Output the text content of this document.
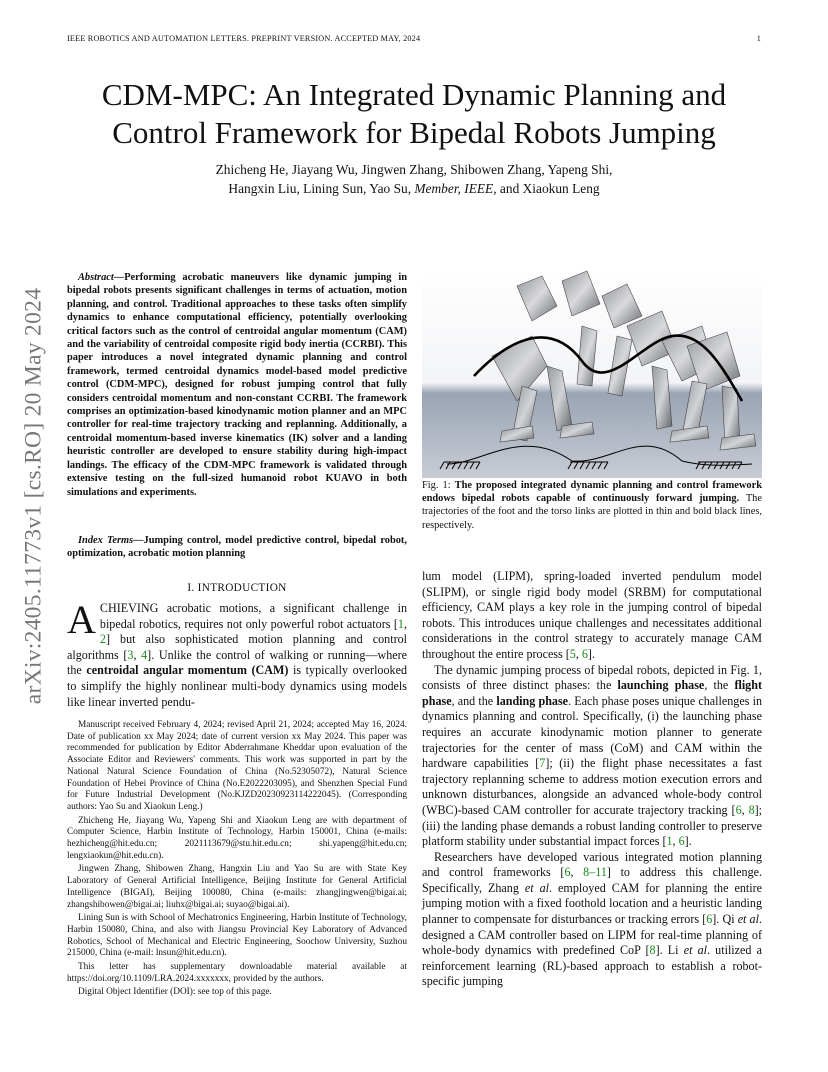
IEEE ROBOTICS AND AUTOMATION LETTERS. PREPRINT VERSION. ACCEPTED MAY, 2024	1
arXiv:2405.11773v1 [cs.RO] 20 May 2024
CDM-MPC: An Integrated Dynamic Planning and
Control Framework for Bipedal Robots Jumping
Zhicheng He, Jiayang Wu, Jingwen Zhang, Shibowen Zhang, Yapeng Shi,
Hangxin Liu, Lining Sun, Yao Su, Member, IEEE, and Xiaokun Leng
Abstract—Performing acrobatic maneuvers like dynamic jumping in bipedal robots presents significant challenges in terms of actuation, motion planning, and control. Traditional approaches to these tasks often simplify dynamics to enhance computational efficiency, potentially overlooking critical factors such as the control of centroidal angular momentum (CAM) and the variability of centroidal composite rigid body inertia (CCRBI). This paper introduces a novel integrated dynamic planning and control framework, termed centroidal dynamics model-based model predictive control (CDM-MPC), designed for robust jumping control that fully considers centroidal momentum and non-constant CCRBI. The framework comprises an optimization-based kinodynamic motion planner and an MPC controller for real-time trajectory tracking and replanning. Additionally, a centroidal momentum-based inverse kinematics (IK) solver and a landing heuristic controller are developed to ensure stability during high-impact landings. The efficacy of the CDM-MPC framework is validated through extensive testing on the full-sized humanoid robot KUAVO in both simulations and experiments.
Index Terms—Jumping control, model predictive control, bipedal robot, optimization, acrobatic motion planning
I. INTRODUCTION
ACHIEVING acrobatic motions, a significant challenge in bipedal robotics, requires not only powerful robot actuators [1, 2] but also sophisticated motion planning and control algorithms [3, 4]. Unlike the control of walking or running—where the centroidal angular momentum (CAM) is typically overlooked to simplify the highly nonlinear multi-body dynamics using models like linear inverted pendu-

Manuscript received February 4, 2024; revised April 21, 2024; accepted May 16, 2024. Date of publication xx May 2024; date of current version xx May 2024. This paper was recommended for publication by Editor Abderrahmane Kheddar upon evaluation of the Associate Editor and Reviewers' comments. This work was supported in part by the National Natural Science Foundation of China (No.52305072), Natural Science Foundation of Hebei Province of China (No.E2022203095), and Shenzhen Special Fund for Future Industrial Development (No.KJZD20230923114222045). (Corresponding authors: Yao Su and Xiaokun Leng.)

Zhicheng He, Jiayang Wu, Yapeng Shi and Xiaokun Leng are with department of Computer Science, Harbin Institute of Technology, Harbin 150001, China (e-mails: hezhicheng@hit.edu.cn; 2021113679@stu.hit.edu.cn; shi.yapeng@hit.edu.cn; lengxiaokun@hit.edu.cn).

Jingwen Zhang, Shibowen Zhang, Hangxin Liu and Yao Su are with State Key Laboratory of General Artificial Intelligence, Beijing Institute for General Artificial Intelligence (BIGAI), Beijing 100080, China (e-mails: zhangjingwen@bigai.ai; zhangshibowen@bigai.ai; liuhx@bigai.ai; suyao@bigai.ai).

Lining Sun is with School of Mechatronics Engineering, Harbin Institute of Technology, Harbin 150080, China, and also with Jiangsu Provincial Key Laboratory of Advanced Robotics, School of Mechanical and Electric Engineering, Soochow University, Suzhou 215000, China (e-mail: lnsun@hit.edu.cn).

This letter has supplementary downloadable material available at https://doi.org/10.1109/LRA.2024.xxxxxxx, provided by the authors.

Digital Object Identifier (DOI): see top of this page.

Fig. 1: The proposed integrated dynamic planning and control framework endows bipedal robots capable of continuously forward jumping. The trajectories of the foot and the torso links are plotted in thin and bold black lines, respectively.

lum model (LIPM), spring-loaded inverted pendulum model (SLIPM), or single rigid body model (SRBM) for computational efficiency, CAM plays a key role in the jumping control of bipedal robots. This introduces unique challenges and necessitates additional considerations in the control strategy to accurately manage CAM throughout the entire process [5, 6].

The dynamic jumping process of bipedal robots, depicted in Fig. 1, consists of three distinct phases: the launching phase, the flight phase, and the landing phase. Each phase poses unique challenges in dynamics planning and control. Specifically, (i) the launching phase requires an accurate kinodynamic motion planner to generate trajectories for the center of mass (CoM) and CAM within the hardware capabilities [7]; (ii) the flight phase necessitates a fast trajectory replanning scheme to address motion execution errors and unknown disturbances, alongside an advanced whole-body control (WBC)-based CAM controller for accurate trajectory tracking [6, 8]; (iii) the landing phase demands a robust landing controller to preserve platform stability under substantial impact forces [1, 6].

Researchers have developed various integrated motion planning and control frameworks [6, 8–11] to address this challenge. Specifically, Zhang et al. employed CAM for planning the entire jumping motion with a fixed foothold location and a heuristic landing planner to compensate for disturbances or tracking errors [6]. Qi et al. designed a CAM controller based on LIPM for real-time planning of whole-body dynamics with predefined CoP [8]. Li et al. utilized a reinforcement learning (RL)-based approach to establish a robot-specific jumping
